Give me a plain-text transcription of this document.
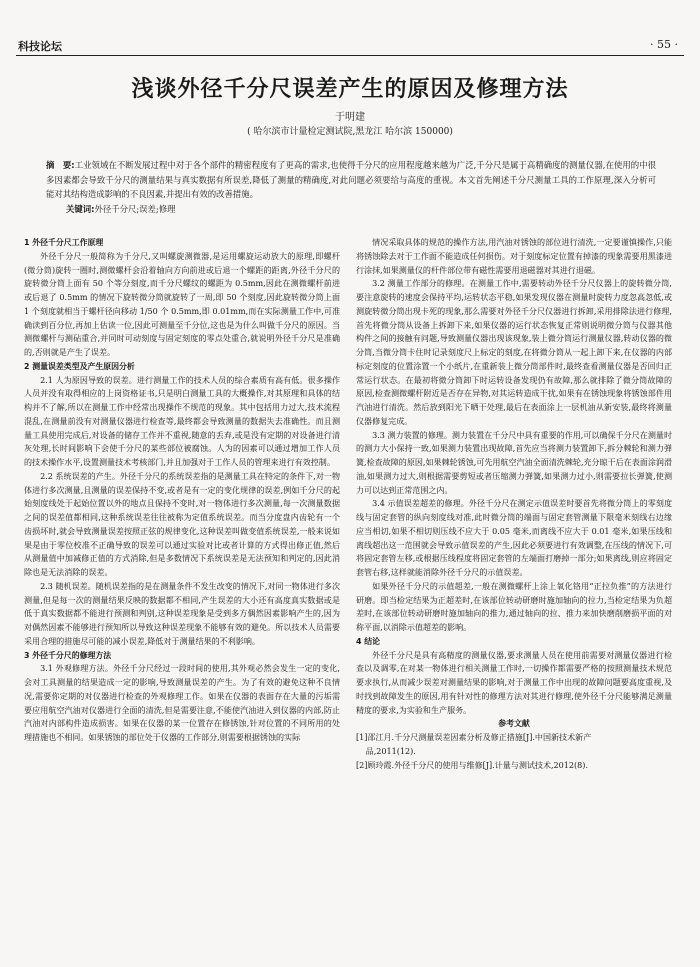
科技论坛	· 55 ·
浅谈外径千分尺误差产生的原因及修理方法
于明建
( 哈尔滨市计量检定测试院,黑龙江 哈尔滨 150000)
摘　要:工业领域在不断发展过程中对于各个部件的精密程度有了更高的需求,也使得千分尺的应用程度越来越为广泛,千分尺是属于高精确度的测量仪器,在使用的中很多因素都会导致千分尺的测量结果与真实数据有所误差,降低了测量的精确度,对此问题必须要给与高度的重视。本文首先阐述千分尺测量工具的工作原理,深入分析可能对其结构造成影响的不良因素,并提出有效的改善措施。
关键词:外径千分尺;误差;修理

1 外径千分尺工作原理

外径千分尺一般简称为千分尺,又叫螺旋测微器,是运用螺旋运动放大的原理,即螺杆(微分筒)旋转一圈时,测微螺杆会沿着轴向方向前进或后退一个螺距的距离,外径千分尺的旋转微分筒上面有 50 个等分刻度,而千分尺螺纹的螺距为 0.5mm,因此在测微螺杆前进或后退了 0.5mm 的情况下旋转微分筒就旋转了一周,即 50 个刻度,因此旋转微分筒上面 1 个刻度就相当于螺杆径向移动 1/50 个 0.5mm,即 0.01mm,而在实际测量工作中,可准确读到百分位,再加上估读一位,因此可测量至千分位,这也是为什么叫做千分尺的原因。当测微螺杆与测砧重合,并同时可动刻度与固定刻度的零点处重合,就说明外径千分尺是准确的,否则就是产生了误差。

2 测量误差类型及产生原因分析

2.1 人为原因导致的误差。进行测量工作的技术人员的综合素质有高有低。很多操作人员并没有取得相应的上岗资格证书,只是明白测量工具的大概操作,对其原理和具体的结构并不了解,所以在测量工作中经常出现操作不规范的现象。其中包括用力过大,技术流程混乱,在测量前没有对测量仪器进行检查等,最终都会导致测量的数据失去准确性。而且测量工具使用完成后,对设备的储存工作并不重视,随意的丢弃,或是没有定期的对设备进行清灰处理,长时间影响下会使千分尺的某些部位被腐蚀。人为的因素可以通过增加工作人员的技术操作水平,设置测量技术考核部门,并且加强对于工作人员的管理来进行有效控制。

2.2 系统误差的产生。外径千分尺的系统误差指的是测量工具在特定的条件下,对一物体进行多次测量,且测量的误差保持不变,或者是有一定的变化规律的误差,例如千分尺的起始刻度线处于起始位置以外的地点且保持不变时,对一物体进行多次测量,每一次测量数据之间的误差值都相同,这种系统误差往往被称为定值系统误差。而当分度盘内齿轮有一个齿损坏时,就会导致测量误差按照正弦的规律变化,这种误差叫做变值系统误差,一般来说如果是由于零位校准不正确导致的误差可以通过实验对比或者计算的方式得出修正值,然后从测量值中加减修正值的方式消除,但是多数情况下系统误差是无法预知和判定的,因此消除也是无法消除的误差。

2.3 随机误差。随机误差指的是在测量条件不发生改变的情况下,对同一物体进行多次测量,但是每一次的测量结果反映的数据都不相同,产生误差的大小还有高度真实数据或是低于真实数据都不能进行预测和判别,这种误差现象是受到多方偶然因素影响产生的,因为对偶然因素不能够进行预知所以导致这种误差现象不能够有效的避免。所以技术人员需要采用合理的措施尽可能的减小误差,降低对于测量结果的不利影响。

3 外径千分尺的修理方法

3.1 外观修理方法。外径千分尺经过一段时间的使用,其外观必然会发生一定的变化,会对工具测量的结果造成一定的影响,导致测量误差的产生。为了有效的避免这种不良情况,需要你定期的对仪器进行检查的外观修理工作。如果在仪器的表面存在大量的污垢需要应用航空汽油对仪器进行全面的清洗,但是需要注意,不能使汽油进入到仪器的内部,防止汽油对内部构件造成损害。如果在仪器的某一位置存在修锈蚀,针对位置的不同所用的处理措施也不相同。如果锈蚀的部位处于仪器的工作部分,则需要根据锈蚀的实际

情况采取具体的规范的操作方法,用汽油对锈蚀的部位进行清洗,一定要谨慎操作,只能将锈蚀除去对于工作面不能造成任何损伤。对于刻度标定位置有掉漆的现象需要用黑漆进行涂抹,如果测量仪的杆件部位带有磁性需要用退磁器对其进行退磁。

3.2 测量工作部分的修理。在测量工作中,需要转动外径千分尺仪器上的旋转微分筒,要注意旋转的速度会保持平均,运转状态平稳,如果发现仪器在测量时旋转力度忽高忽低,或测旋转微分筒出现卡死的现象,那么需要对外径千分尺仪器进行拆卸,采用排除法进行修理,首先将微分筒从设备上拆卸下来,如果仪器的运行状态恢复正常则说明微分筒与仪器其他构件之间的接触有问题,导致测量仪器出现该现象,装上微分筒运行测量仪器,转动仪器的微分筒,当微分筒卡住时记录刻度尺上标定的刻度,在将微分筒从一起上卸下来,在仪器的内部标定刻度的位置涂置一个小纸片,在重新装上微分筒部件时,最终查看测量仪器是否回归正常运行状态。在最初将微分筒卸下时运转设备发现仍有故障,那么就排除了微分筒故障的原因,检查测微螺杆附近是否存在异物,对其运转造成干扰,如果有在锈蚀现象将锈蚀部件用汽油进行清洗。然后放到阳光下晒干处理,最后在表面涂上一层机油从新安装,最终将测量仪器修复完成。

3.3 测力装置的修理。测力装置在千分尺中具有重要的作用,可以确保千分尺在测量时的测力大小保持一致,如果测力装置出现故障,首先应当将测力装置卸下,拆分棘轮和测力弹簧,检查故障的原因,如果棘轮锈蚀,可先用航空汽油全面清洗棘轮,充分晾干后在表面涂润滑油,如果测力过大,则根据需要剪短或者压缩测力弹簧,如果测力过小,则需要拉长弹簧,使测力可以达到正常范围之内。

3.4 示值误差超差的修理。外径千分尺在测定示值误差时要首先将微分筒上的零刻度线与固定套管的纵向刻度线对准,此时微分筒的端面与固定套管测量下限毫米刻线右边缘应当相切,如果不相切则压线不应大于 0.05 毫米,而离线不应大于 0.01 毫米,如果压线和离线超出这一范围就会导致示值误差的产生,因此必须要进行有效调整,在压线的情况下,可将固定套管左移,或根据压线程度将固定套管的左端面打磨掉一部分;如果离线,则应将固定套管右移,这样就能消除外径千分尺的示值误差。

如果外径千分尺的示值超差,一般在测微螺杆上涂上氧化铬用“正拉负推”的方法进行研磨。即当检定结果为正超差时,在该部位转动研磨时施加轴向的拉力,当检定结果为负超差时,在该部位转动研磨时施加轴向的推力,通过轴向的拉、推力来加快磨削磨损平面的对称平面,以消除示值超差的影响。

4 结论

外径千分尺是具有高精度的测量仪器,要求测量人员在使用前需要对测量仪器进行检查以及调零,在对某一物体进行相关测量工作时,一切操作都需要严格的按照测量技术规范要求执行,从而减少误差对测量结果的影响,对于测量工作中出现的故障问题要高度重视,及时找到故障发生的原因,用有针对性的修理方法对其进行修理,使外径千分尺能够满足测量精度的要求,为实验和生产服务。

参考文献

[1]邵江月.千分尺测量误差因素分析及修正措施[J].中国新技术新产

品,2011(12).

[2]顾玲霞.外径千分尺的使用与维修[J].计量与测试技术,2012(8).
